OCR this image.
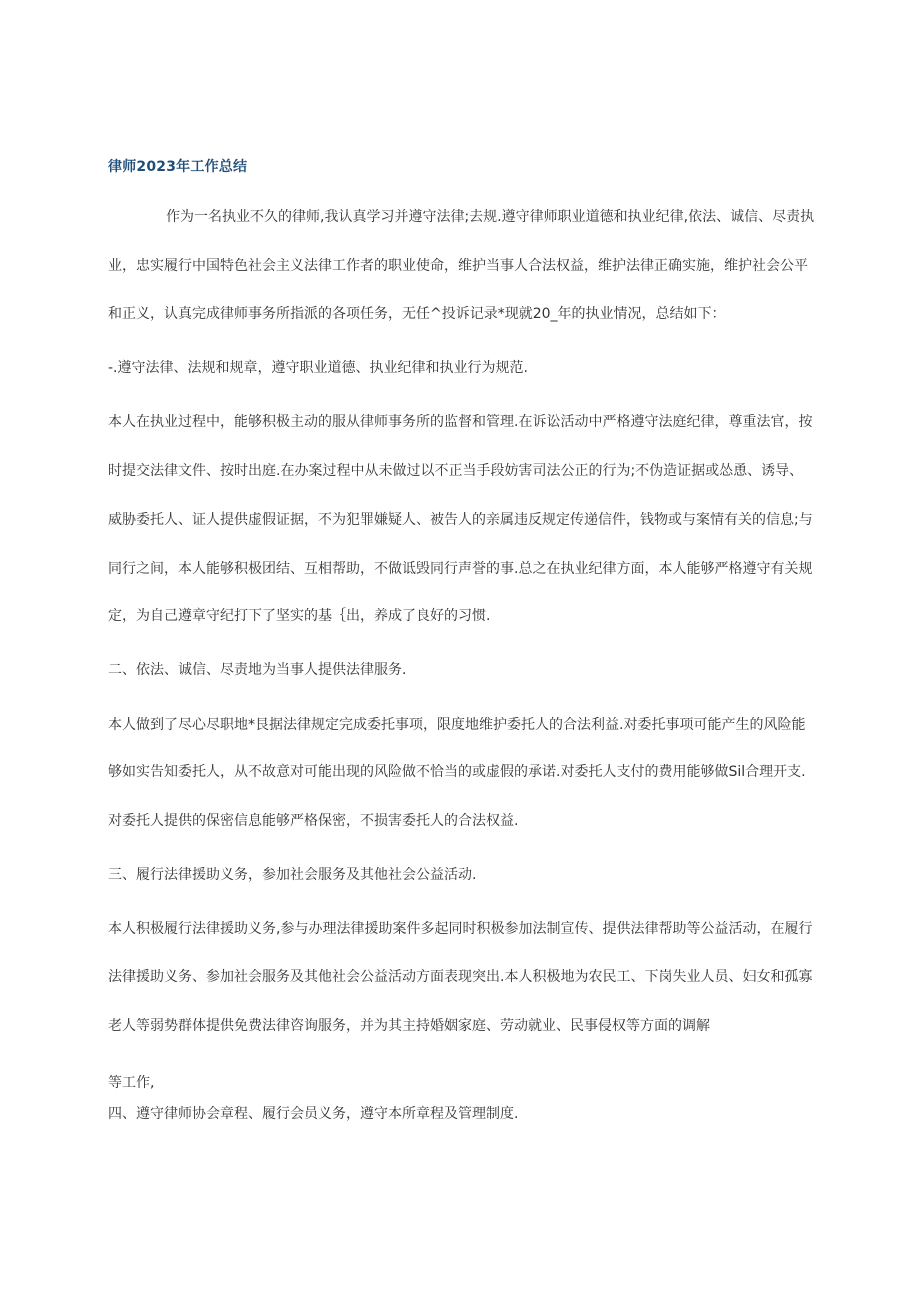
律师2023年工作总结
作为一名执业不久的律师,我认真学习并遵守法律;去规.遵守律师职业道德和执业纪律,依法、诚信、尽责执
业，忠实履行中国特色社会主义法律工作者的职业使命，维护当事人合法权益，维护法律正确实施，维护社会公平
和正义，认真完成律师事务所指派的各项任务，无任^投诉记录*现就20_年的执业情况，总结如下：
-.遵守法律、法规和规章，遵守职业道德、执业纪律和执业行为规范.
本人在执业过程中，能够积极主动的服从律师事务所的监督和管理.在诉讼活动中严格遵守法庭纪律，尊重法官，按
时提交法律文件、按时出庭.在办案过程中从未做过以不正当手段妨害司法公正的行为;不伪造证据或怂恿、诱导、
威胁委托人、证人提供虚假证据，不为犯罪嫌疑人、被告人的亲属违反规定传递信件，钱物或与案情有关的信息;与
同行之间，本人能够积极团结、互相帮助，不做诋毁同行声誉的事.总之在执业纪律方面，本人能够严格遵守有关规
定，为自己遵章守纪打下了坚实的基｛出，养成了良好的习惯.
二、依法、诚信、尽责地为当事人提供法律服务.
本人做到了尽心尽职地*艮据法律规定完成委托事项，限度地维护委托人的合法利益.对委托事项可能产生的风险能
够如实告知委托人，从不故意对可能出现的风险做不恰当的或虚假的承诺.对委托人支付的费用能够做Sil合理开支.
对委托人提供的保密信息能够严格保密，不损害委托人的合法权益.
三、履行法律援助义务，参加社会服务及其他社会公益活动.
本人积极履行法律援助义务,参与办理法律援助案件多起同时积极参加法制宣传、提供法律帮助等公益活动，在履行
法律援助义务、参加社会服务及其他社会公益活动方面表现突出.本人积极地为农民工、下岗失业人员、妇女和孤寡
老人等弱势群体提供免费法律咨询服务，并为其主持婚姻家庭、劳动就业、民事侵权等方面的调解
等工作,
四、遵守律师协会章程、履行会员义务，遵守本所章程及管理制度.
